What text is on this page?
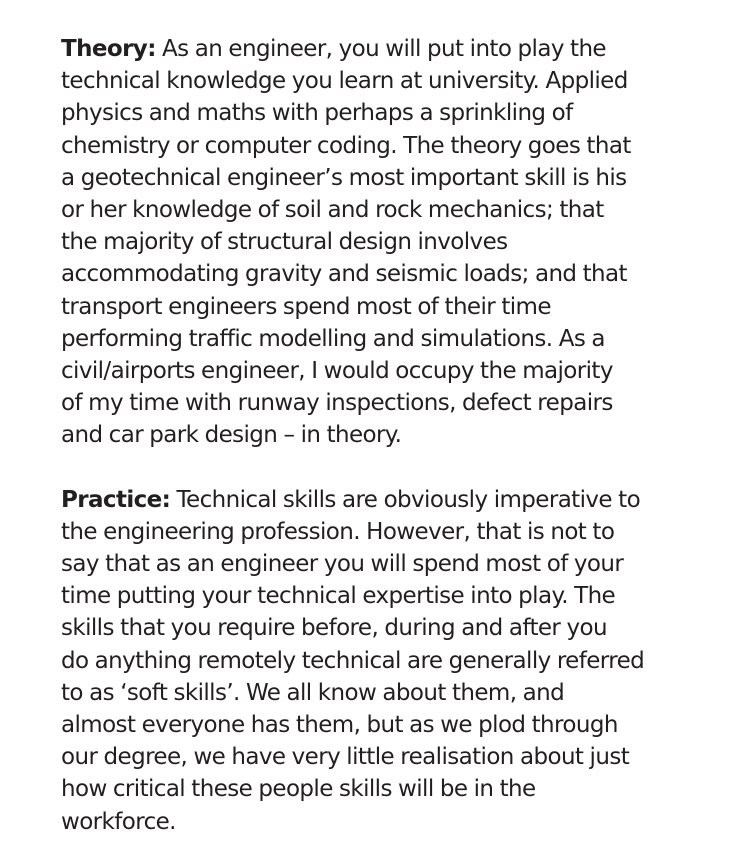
Theory: As an engineer, you will put into play the
technical knowledge you learn at university. Applied
physics and maths with perhaps a sprinkling of
chemistry or computer coding. The theory goes that
a geotechnical engineer’s most important skill is his
or her knowledge of soil and rock mechanics; that
the majority of structural design involves
accommodating gravity and seismic loads; and that
transport engineers spend most of their time
performing traffic modelling and simulations. As a
civil/airports engineer, I would occupy the majority
of my time with runway inspections, defect repairs
and car park design – in theory.

Practice: Technical skills are obviously imperative to
the engineering profession. However, that is not to
say that as an engineer you will spend most of your
time putting your technical expertise into play. The
skills that you require before, during and after you
do anything remotely technical are generally referred
to as ‘soft skills’. We all know about them, and
almost everyone has them, but as we plod through
our degree, we have very little realisation about just
how critical these people skills will be in the
workforce.
